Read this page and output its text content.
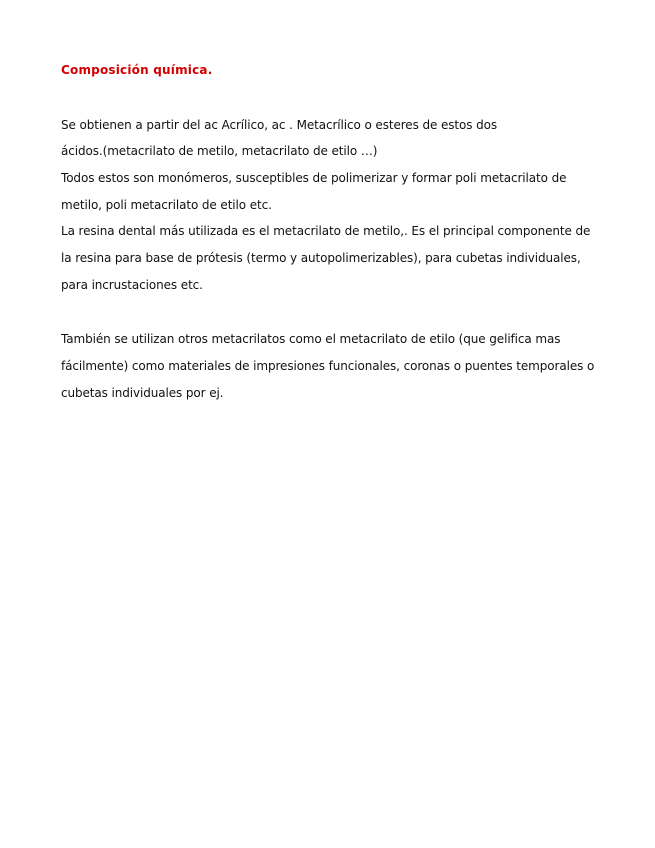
Composición química.
Se obtienen a partir del ac Acrílico, ac . Metacrílico o esteres de estos dos
ácidos.(metacrilato de metilo, metacrilato de etilo …)
Todos estos son monómeros, susceptibles de polimerizar y formar poli metacrilato de
metilo, poli metacrilato de etilo etc.
La resina dental más utilizada es el metacrilato de metilo,. Es el principal componente de
la resina para base de prótesis (termo y autopolimerizables), para cubetas individuales,
para incrustaciones etc.
También se utilizan otros metacrilatos como el metacrilato de etilo (que gelifica mas
fácilmente) como materiales de impresiones funcionales, coronas o puentes temporales o
cubetas individuales por ej.
